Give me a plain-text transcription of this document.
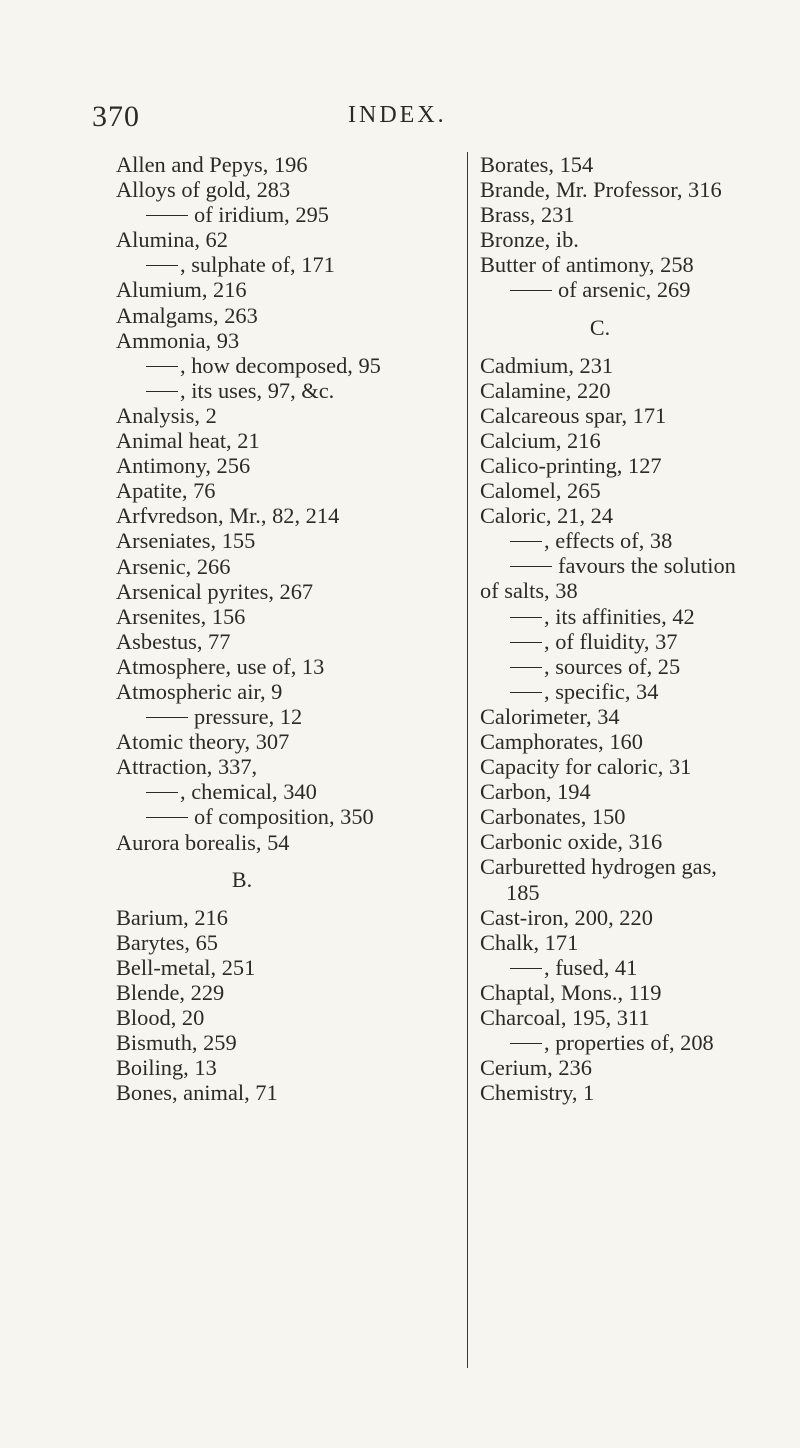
370	INDEX.
Allen and Pepys, 196
Alloys of gold, 283
of iridium, 295
Alumina, 62
, sulphate of, 171
Alumium, 216
Amalgams, 263
Ammonia, 93
, how decomposed, 95
, its uses, 97, &c.
Analysis, 2
Animal heat, 21
Antimony, 256
Apatite, 76
Arfvredson, Mr., 82, 214
Arseniates, 155
Arsenic, 266
Arsenical pyrites, 267
Arsenites, 156
Asbestus, 77
Atmosphere, use of, 13
Atmospheric air, 9
pressure, 12
Atomic theory, 307
Attraction, 337,
, chemical, 340
of composition, 350
Aurora borealis, 54
B.
Barium, 216
Barytes, 65
Bell-metal, 251
Blende, 229
Blood, 20
Bismuth, 259
Boiling, 13
Bones, animal, 71
Borates, 154
Brande, Mr. Professor, 316
Brass, 231
Bronze, ib.
Butter of antimony, 258
of arsenic, 269
C.
Cadmium, 231
Calamine, 220
Calcareous spar, 171
Calcium, 216
Calico-printing, 127
Calomel, 265
Caloric, 21, 24
, effects of, 38
favours the solution
of salts, 38
, its affinities, 42
, of fluidity, 37
, sources of, 25
, specific, 34
Calorimeter, 34
Camphorates, 160
Capacity for caloric, 31
Carbon, 194
Carbonates, 150
Carbonic oxide, 316
Carburetted hydrogen gas,
185
Cast-iron, 200, 220
Chalk, 171
, fused, 41
Chaptal, Mons., 119
Charcoal, 195, 311
, properties of, 208
Cerium, 236
Chemistry, 1
